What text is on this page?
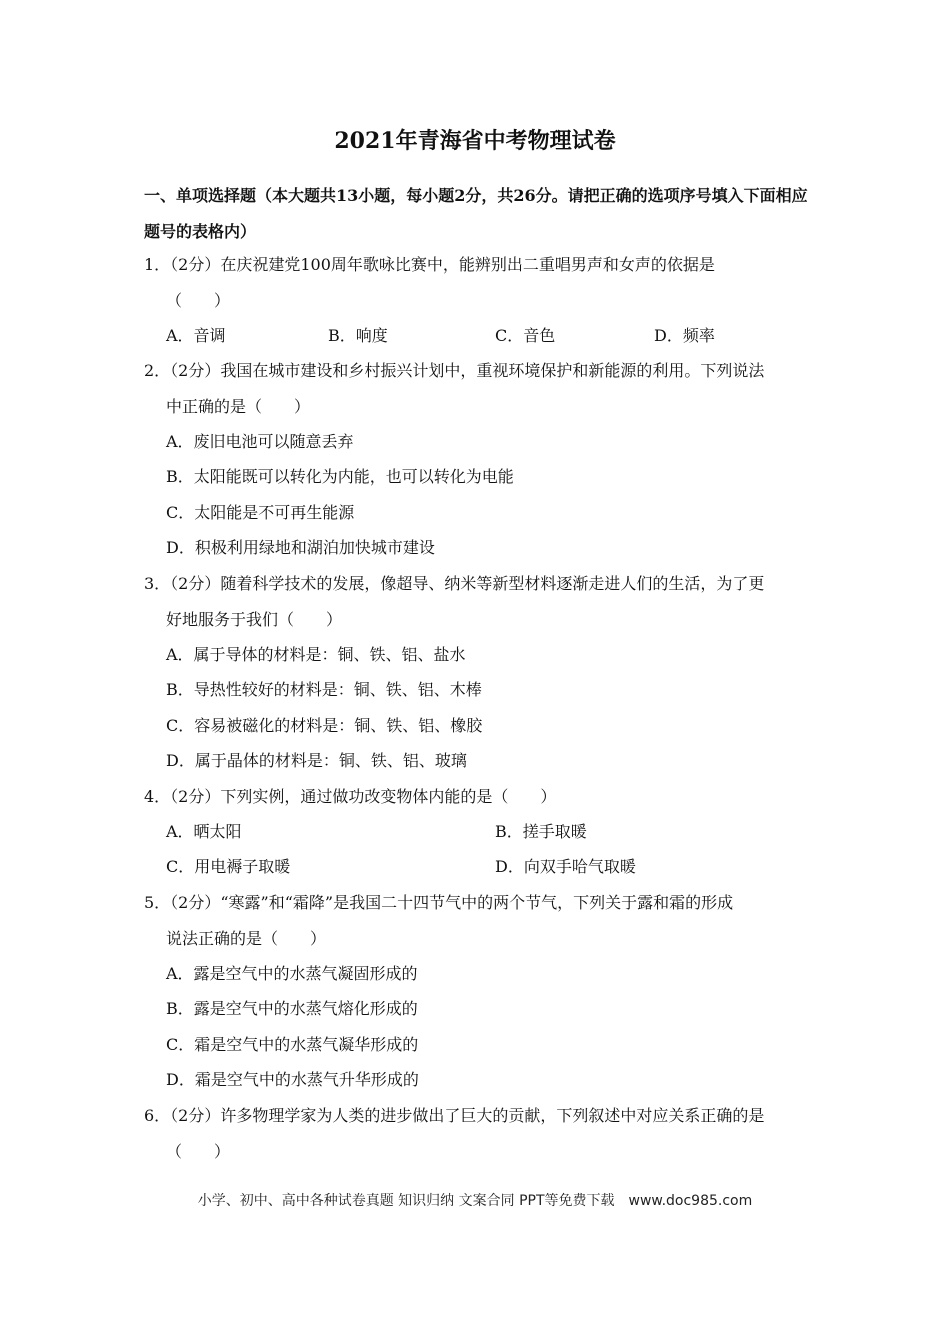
2021年青海省中考物理试卷
一、单项选择题（本大题共13小题，每小题2分，共26分。请把正确的选项序号填入下面相应题号的表格内）
1．（2分）在庆祝建党100周年歌咏比赛中，能辨别出二重唱男声和女声的依据是
（　　）
A．音调	B．响度	C．音色	D．频率
2．（2分）我国在城市建设和乡村振兴计划中，重视环境保护和新能源的利用。下列说法
中正确的是（　　）
A．废旧电池可以随意丢弃
B．太阳能既可以转化为内能，也可以转化为电能
C．太阳能是不可再生能源
D．积极利用绿地和湖泊加快城市建设
3．（2分）随着科学技术的发展，像超导、纳米等新型材料逐渐走进人们的生活，为了更
好地服务于我们（　　）
A．属于导体的材料是：铜、铁、铝、盐水
B．导热性较好的材料是：铜、铁、铝、木棒
C．容易被磁化的材料是：铜、铁、铝、橡胶
D．属于晶体的材料是：铜、铁、铝、玻璃
4．（2分）下列实例，通过做功改变物体内能的是（　　）
A．晒太阳	B．搓手取暖
C．用电褥子取暖	D．向双手哈气取暖
5．（2分）“寒露”和“霜降”是我国二十四节气中的两个节气，下列关于露和霜的形成
说法正确的是（　　）
A．露是空气中的水蒸气凝固形成的
B．露是空气中的水蒸气熔化形成的
C．霜是空气中的水蒸气凝华形成的
D．霜是空气中的水蒸气升华形成的
6．（2分）许多物理学家为人类的进步做出了巨大的贡献，下列叙述中对应关系正确的是
（　　）
小学、初中、高中各种试卷真题 知识归纳 文案合同 PPT等免费下载　www.doc985.com
